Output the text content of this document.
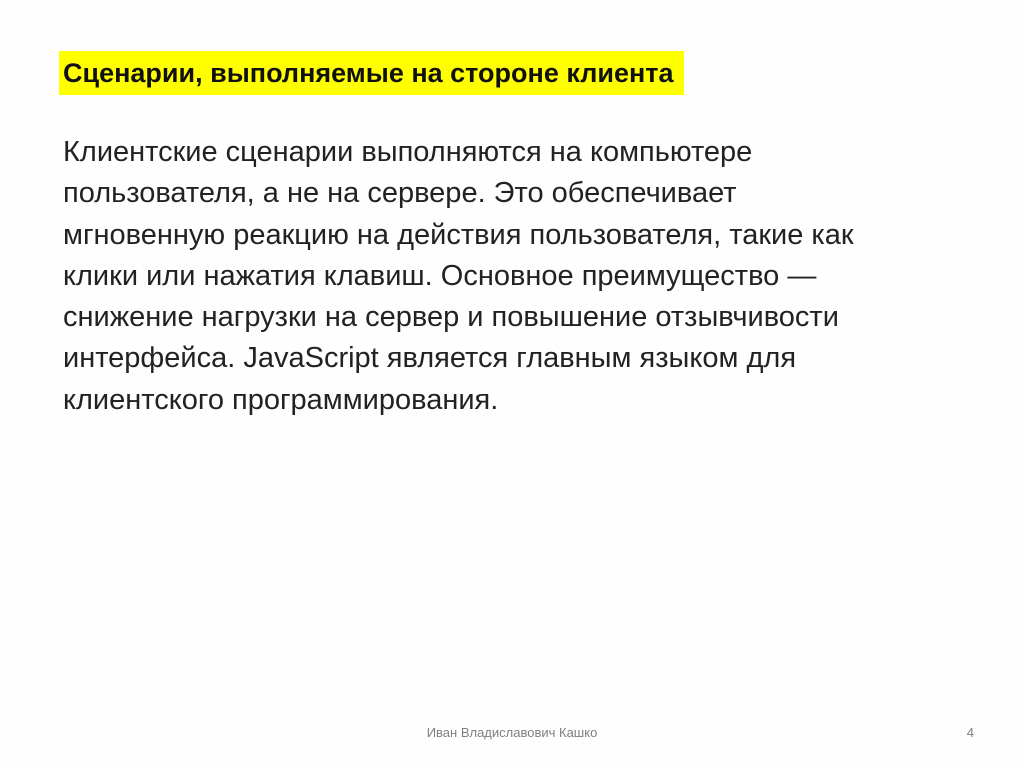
Сценарии, выполняемые на стороне клиента

Клиентские сценарии выполняются на компьютере
пользователя, а не на сервере. Это обеспечивает
мгновенную реакцию на действия пользователя, такие как
клики или нажатия клавиш. Основное преимущество —
снижение нагрузки на сервер и повышение отзывчивости
интерфейса. JavaScript является главным языком для
клиентского программирования.

Иван Владиславович Кашко	4
